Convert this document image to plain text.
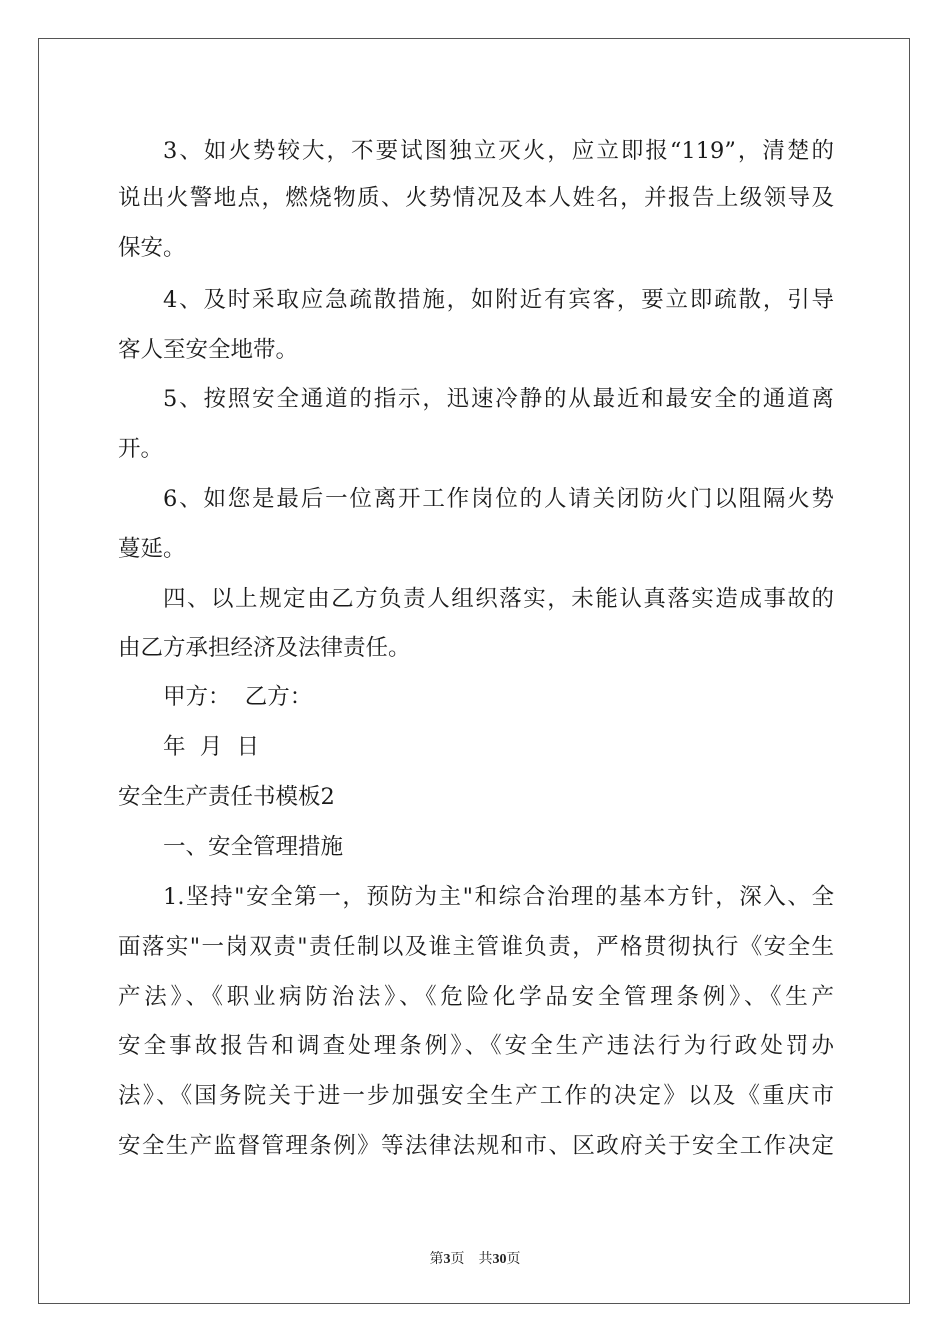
3、如火势较大，不要试图独立灭火，应立即报“119”，清楚的
说出火警地点，燃烧物质、火势情况及本人姓名，并报告上级领导及
保安。
4、及时采取应急疏散措施，如附近有宾客，要立即疏散，引导
客人至安全地带。
5、按照安全通道的指示，迅速冷静的从最近和最安全的通道离
开。
6、如您是最后一位离开工作岗位的人请关闭防火门以阻隔火势
蔓延。
四、以上规定由乙方负责人组织落实，未能认真落实造成事故的
由乙方承担经济及法律责任。
甲方：  乙方：
年  月  日
安全生产责任书模板2
一、安全管理措施
1.坚持"安全第一，预防为主"和综合治理的基本方针，深入、全
面落实"一岗双责"责任制以及谁主管谁负责，严格贯彻执行《安全生
产法》、《职业病防治法》、《危险化学品安全管理条例》、《生产
安全事故报告和调查处理条例》、《安全生产违法行为行政处罚办
法》、《国务院关于进一步加强安全生产工作的决定》以及《重庆市
安全生产监督管理条例》等法律法规和市、区政府关于安全工作决定
第3页 共30页
